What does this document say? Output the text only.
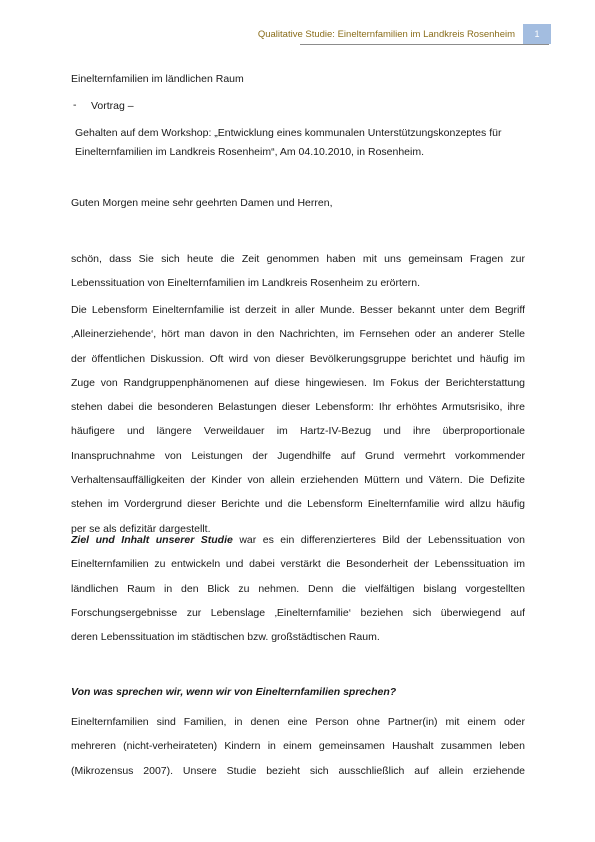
Qualitative Studie: Einelternfamilien im Landkreis Rosenheim	1
Einelternfamilien im ländlichen Raum
- Vortrag –
Gehalten auf dem Workshop: „Entwicklung eines kommunalen Unterstützungskonzeptes für
Einelternfamilien im Landkreis Rosenheim“, Am 04.10.2010, in Rosenheim.
Guten Morgen meine sehr geehrten Damen und Herren,
schön, dass Sie sich heute die Zeit genommen haben mit uns gemeinsam Fragen zur
Lebenssituation von Einelternfamilien im Landkreis Rosenheim zu erörtern.
Die Lebensform Einelternfamilie ist derzeit in aller Munde. Besser bekannt unter dem Begriff
‚Alleinerziehende‘, hört man davon in den Nachrichten, im Fernsehen oder an anderer Stelle
der öffentlichen Diskussion. Oft wird von dieser Bevölkerungsgruppe berichtet und häufig im
Zuge von Randgruppenphänomenen auf diese hingewiesen. Im Fokus der Berichterstattung
stehen dabei die besonderen Belastungen dieser Lebensform: Ihr erhöhtes Armutsrisiko, ihre
häufigere und längere Verweildauer im Hartz-IV-Bezug und ihre überproportionale
Inanspruchnahme von Leistungen der Jugendhilfe auf Grund vermehrt vorkommender
Verhaltensauffälligkeiten der Kinder von allein erziehenden Müttern und Vätern. Die Defizite
stehen im Vordergrund dieser Berichte und die Lebensform Einelternfamilie wird allzu häufig
per se als defizitär dargestellt.
Ziel und Inhalt unserer Studie war es ein differenzierteres Bild der Lebenssituation von
Einelternfamilien zu entwickeln und dabei verstärkt die Besonderheit der Lebenssituation im
ländlichen Raum in den Blick zu nehmen. Denn die vielfältigen bislang vorgestellten
Forschungsergebnisse zur Lebenslage ‚Einelternfamilie‘ beziehen sich überwiegend auf
deren Lebenssituation im städtischen bzw. großstädtischen Raum.
Von was sprechen wir, wenn wir von Einelternfamilien sprechen?
Einelternfamilien sind Familien, in denen eine Person ohne Partner(in) mit einem oder
mehreren (nicht-verheirateten) Kindern in einem gemeinsamen Haushalt zusammen leben
(Mikrozensus 2007). Unsere Studie bezieht sich ausschließlich auf allein erziehende
